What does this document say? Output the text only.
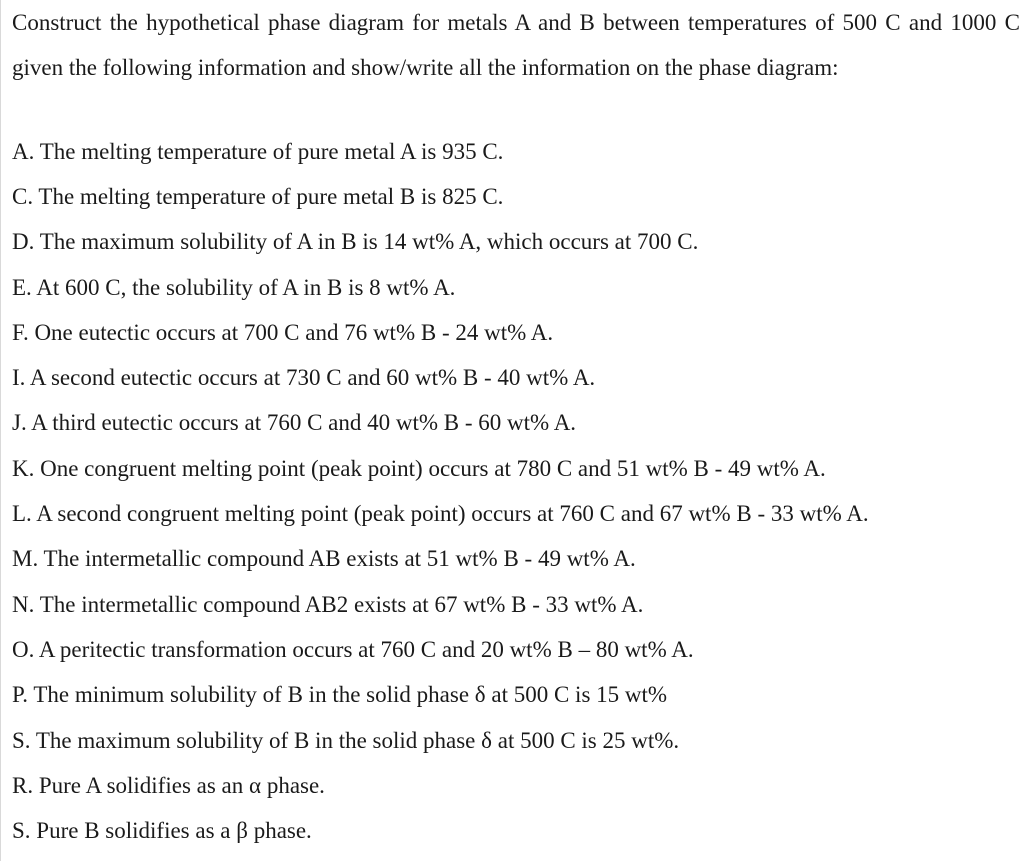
Construct the hypothetical phase diagram for metals A and B between temperatures of 500 C and 1000 C given the following information and show/write all the information on the phase diagram:

A. The melting temperature of pure metal A is 935 C.

C. The melting temperature of pure metal B is 825 C.

D. The maximum solubility of A in B is 14 wt% A, which occurs at 700 C.

E. At 600 C, the solubility of A in B is 8 wt% A.

F. One eutectic occurs at 700 C and 76 wt% B - 24 wt% A.

I. A second eutectic occurs at 730 C and 60 wt% B - 40 wt% A.

J. A third eutectic occurs at 760 C and 40 wt% B - 60 wt% A.

K. One congruent melting point (peak point) occurs at 780 C and 51 wt% B - 49 wt% A.

L. A second congruent melting point (peak point) occurs at 760 C and 67 wt% B - 33 wt% A.

M. The intermetallic compound AB exists at 51 wt% B - 49 wt% A.

N. The intermetallic compound AB2 exists at 67 wt% B - 33 wt% A.

O. A peritectic transformation occurs at 760 C and 20 wt% B – 80 wt% A.

P. The minimum solubility of B in the solid phase δ at 500 C is 15 wt%

S. The maximum solubility of B in the solid phase δ at 500 C is 25 wt%.

R. Pure A solidifies as an α phase.

S. Pure B solidifies as a β phase.
